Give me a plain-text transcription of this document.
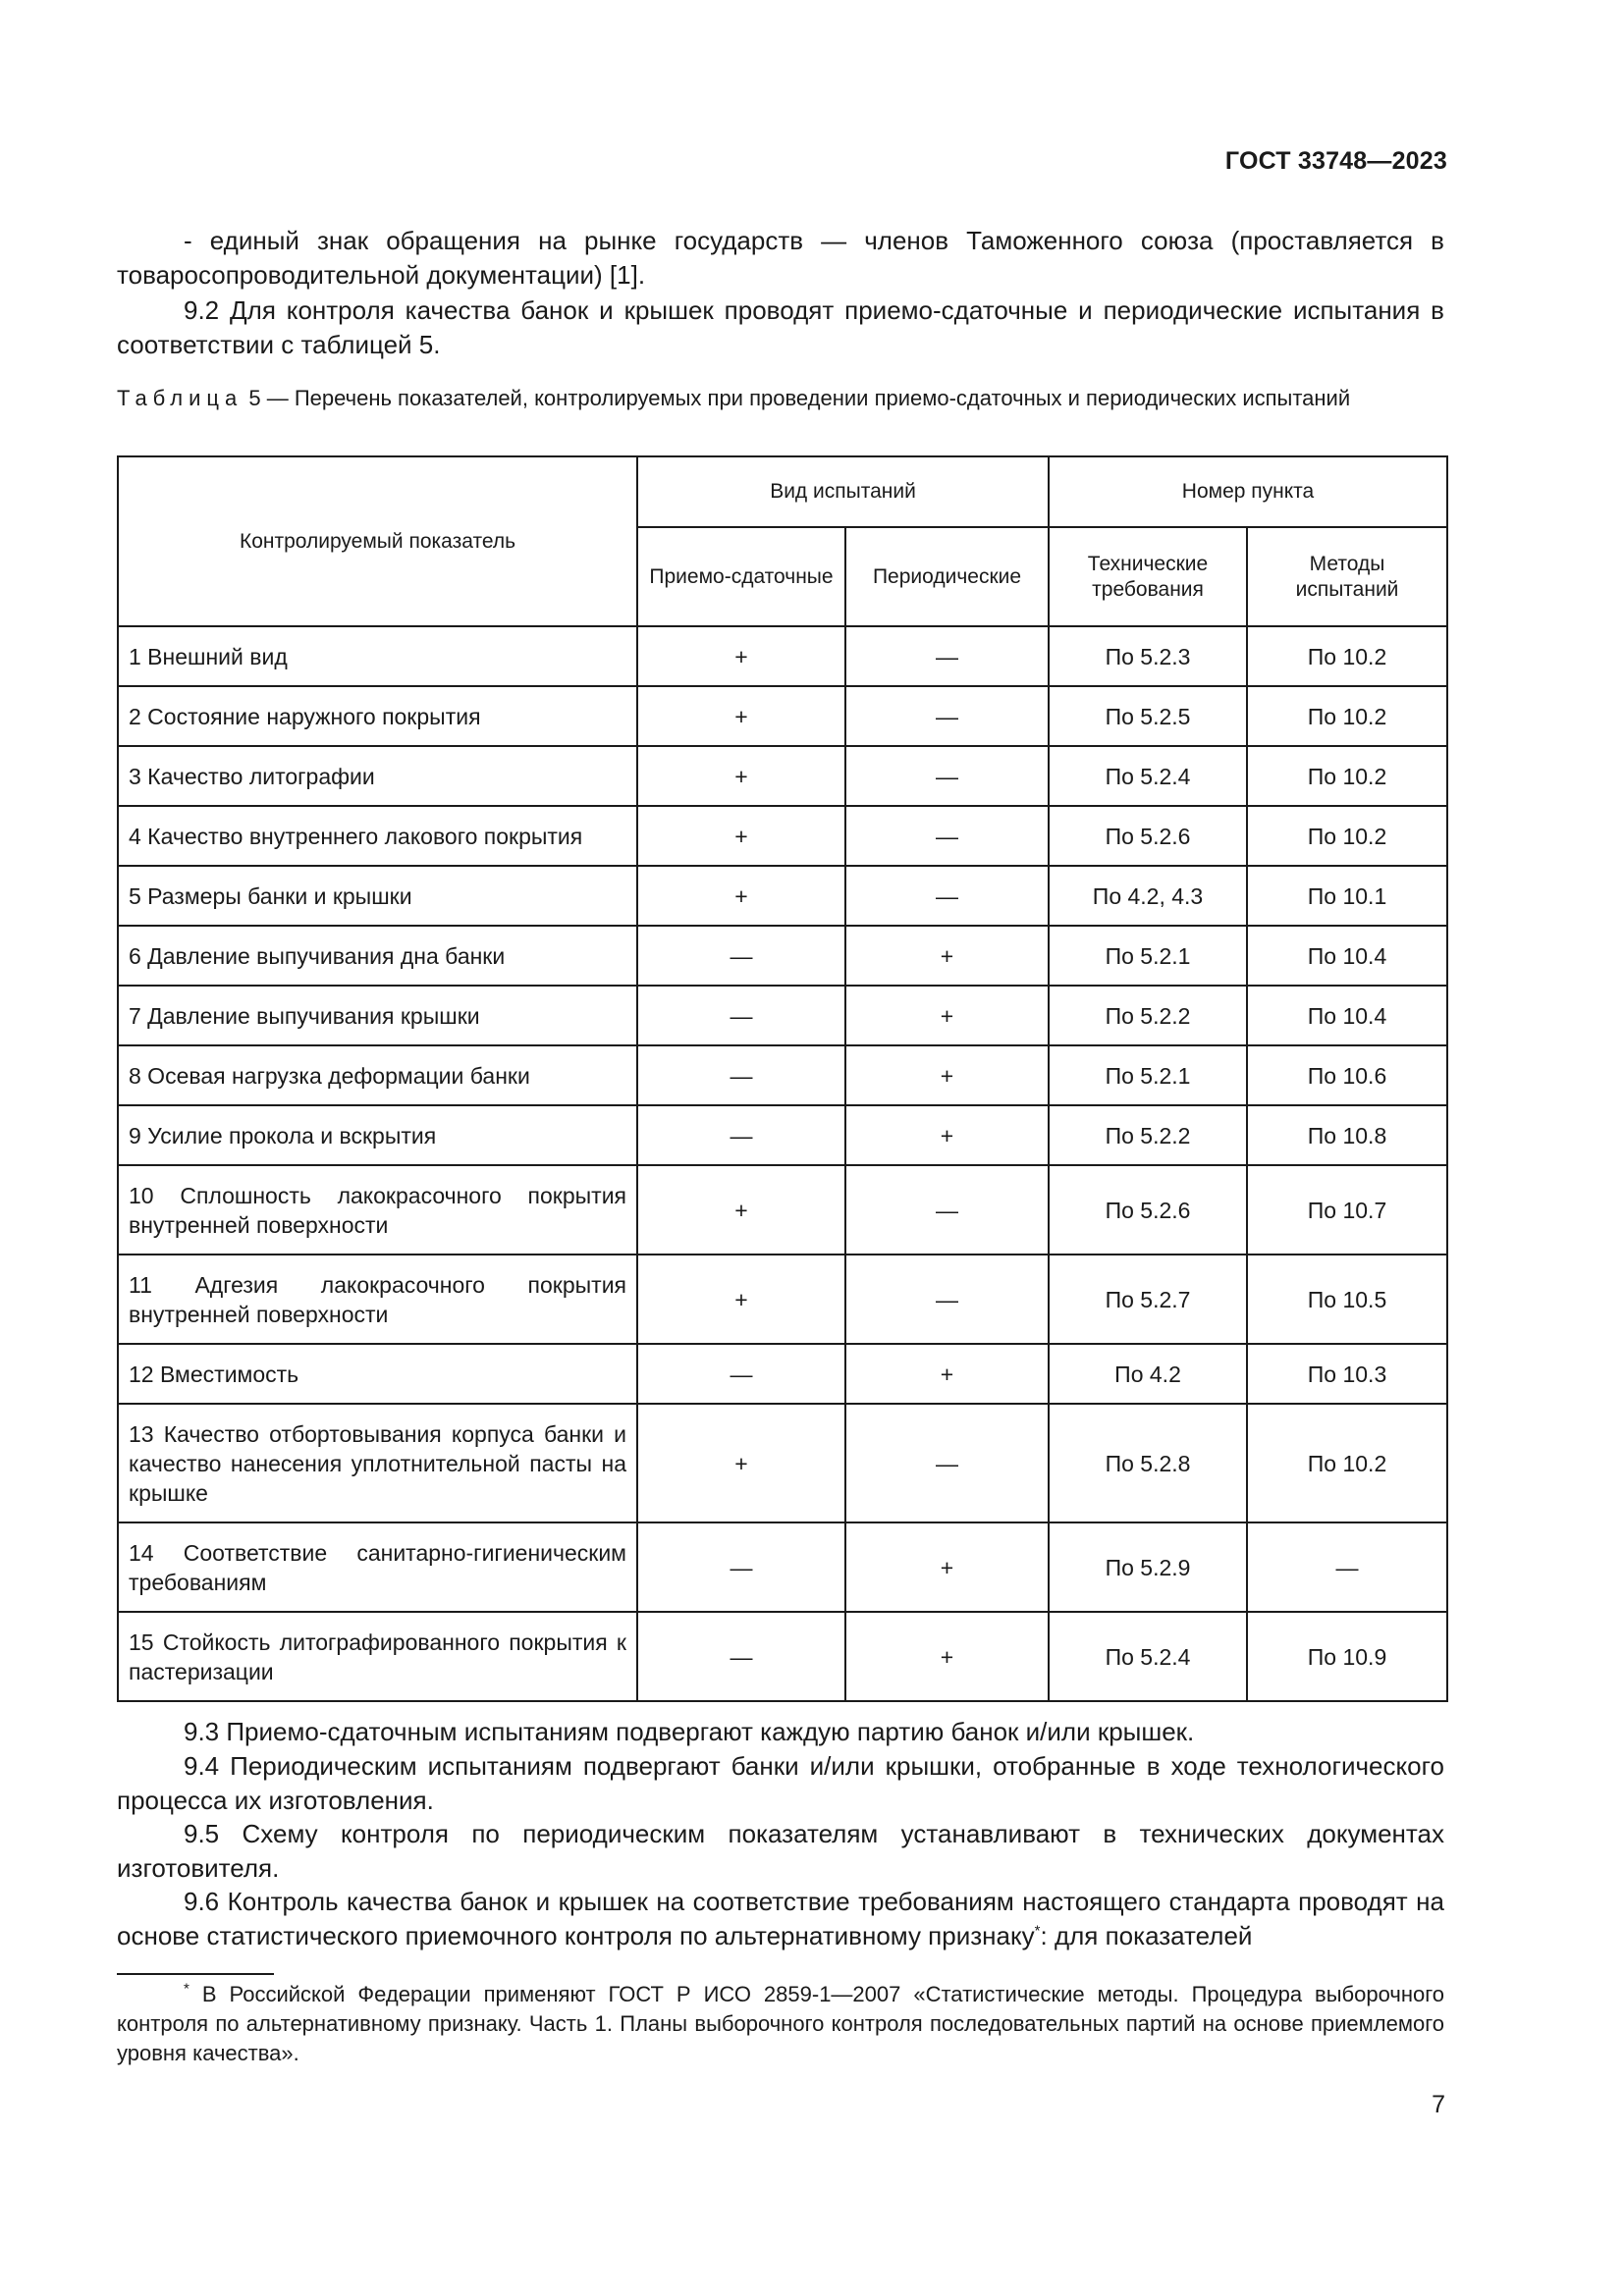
ГОСТ 33748—2023

- единый знак обращения на рынке государств — членов Таможенного союза (проставляется в товаросопроводительной документации) [1].

9.2 Для контроля качества банок и крышек проводят приемо-сдаточные и периодические испытания в соответствии с таблицей 5.

Таблица 5 — Перечень показателей, контролируемых при проведении приемо-сдаточных и периодических испытаний

Контролируемый показатель	Вид испытаний		Номер пункта	
	Приемо-сдаточные	Периодические	Технические требования	Методы испытаний
1 Внешний вид	+	—	По 5.2.3	По 10.2
2 Состояние наружного покрытия	+	—	По 5.2.5	По 10.2
3 Качество литографии	+	—	По 5.2.4	По 10.2
4 Качество внутреннего лакового покрытия	+	—	По 5.2.6	По 10.2
5 Размеры банки и крышки	+	—	По 4.2, 4.3	По 10.1
6 Давление выпучивания дна банки	—	+	По 5.2.1	По 10.4
7 Давление выпучивания крышки	—	+	По 5.2.2	По 10.4
8 Осевая нагрузка деформации банки	—	+	По 5.2.1	По 10.6
9 Усилие прокола и вскрытия	—	+	По 5.2.2	По 10.8
10 Сплошность лакокрасочного покрытия внутренней поверхности	+	—	По 5.2.6	По 10.7
11 Адгезия лакокрасочного покрытия внутренней поверхности	+	—	По 5.2.7	По 10.5
12 Вместимость	—	+	По 4.2	По 10.3
13 Качество отбортовывания корпуса банки и качество нанесения уплотнительной пасты на крышке	+	—	По 5.2.8	По 10.2
14 Соответствие санитарно-гигиеническим требованиям	—	+	По 5.2.9	—
15 Стойкость литографированного покрытия к пастеризации	—	+	По 5.2.4	По 10.9

9.3 Приемо-сдаточным испытаниям подвергают каждую партию банок и/или крышек.

9.4 Периодическим испытаниям подвергают банки и/или крышки, отобранные в ходе технологического процесса их изготовления.

9.5 Схему контроля по периодическим показателям устанавливают в технических документах изготовителя.

9.6 Контроль качества банок и крышек на соответствие требованиям настоящего стандарта проводят на основе статистического приемочного контроля по альтернативному признаку*: для показателей

* В Российской Федерации применяют ГОСТ Р ИСО 2859-1—2007 «Статистические методы. Процедура выборочного контроля по альтернативному признаку. Часть 1. Планы выборочного контроля последовательных партий на основе приемлемого уровня качества».

7
